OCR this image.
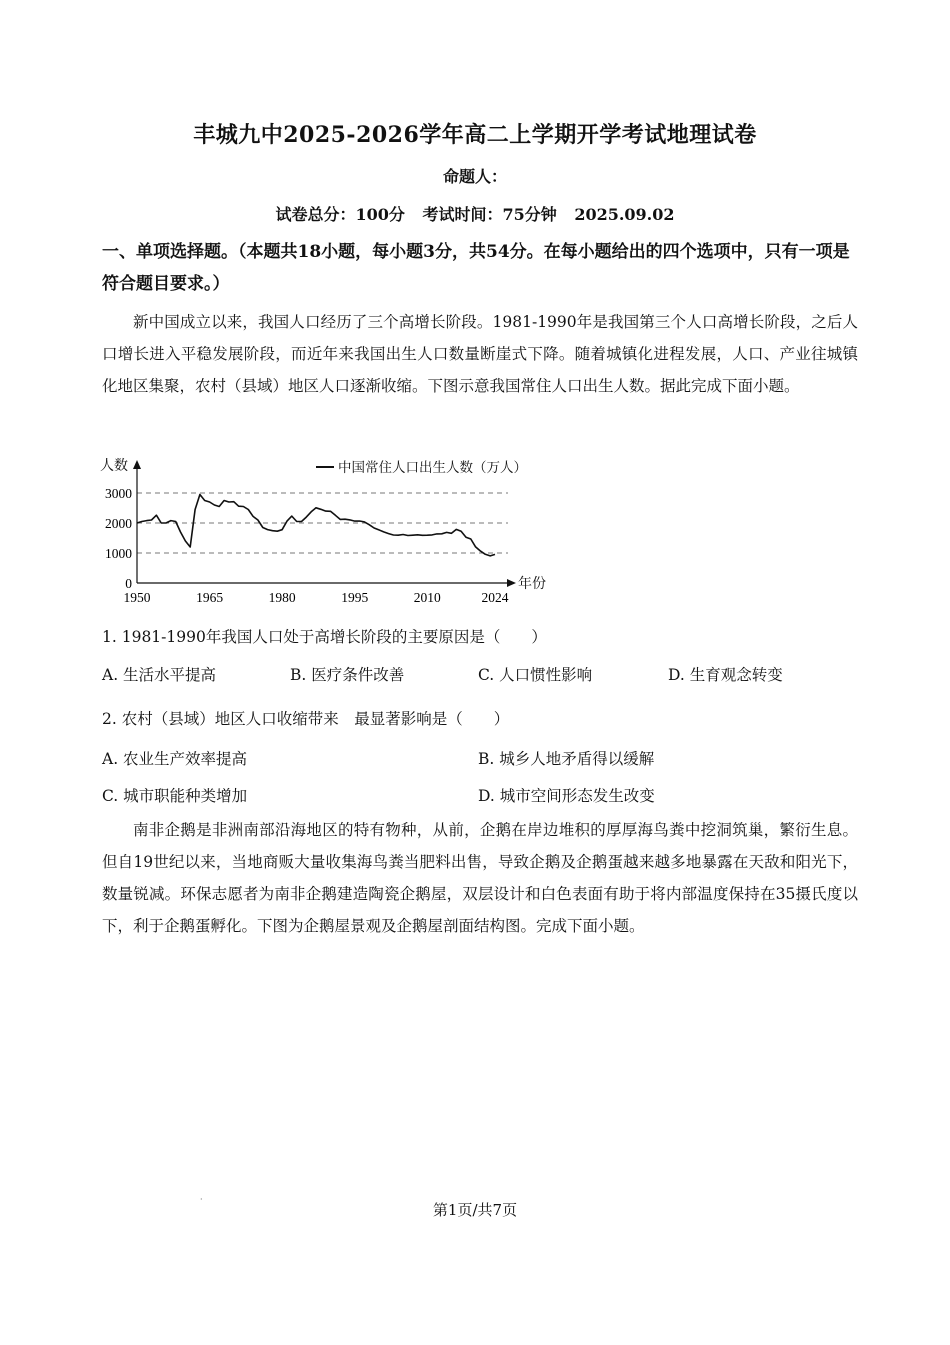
丰城九中2025-2026学年高二上学期开学考试地理试卷
命题人：
试卷总分：100分 考试时间：75分钟 2025.09.02
一、单项选择题。（本题共18小题，每小题3分，共54分。在每小题给出的四个选项中，只有一项是符合题目要求。）
新中国成立以来，我国人口经历了三个高增长阶段。1981-1990年是我国第三个人口高增长阶段，之后人口增长进入平稳发展阶段，而近年来我国出生人口数量断崖式下降。随着城镇化进程发展，人口、产业往城镇化地区集聚，农村（县域）地区人口逐渐收缩。下图示意我国常住人口出生人数。据此完成下面小题。
0
1000
2000
3000
1950	1965	1980	1995	2010	2024
人数
年份
中国常住人口出生人数（万人）
1. 1981-1990年我国人口处于高增长阶段的主要原因是（　　）
A. 生活水平提高	B. 医疗条件改善	C. 人口惯性影响	D. 生育观念转变
2. 农村（县域）地区人口收缩带来　最显著影响是（　　）
A. 农业生产效率提高	B. 城乡人地矛盾得以缓解
C. 城市职能种类增加	D. 城市空间形态发生改变
南非企鹅是非洲南部沿海地区的特有物种，从前，企鹅在岸边堆积的厚厚海鸟粪中挖洞筑巢，繁衍生息。但自19世纪以来，当地商贩大量收集海鸟粪当肥料出售，导致企鹅及企鹅蛋越来越多地暴露在天敌和阳光下，数量锐减。环保志愿者为南非企鹅建造陶瓷企鹅屋，双层设计和白色表面有助于将内部温度保持在35摄氏度以下，利于企鹅蛋孵化。下图为企鹅屋景观及企鹅屋剖面结构图。完成下面小题。
·
第1页/共7页
